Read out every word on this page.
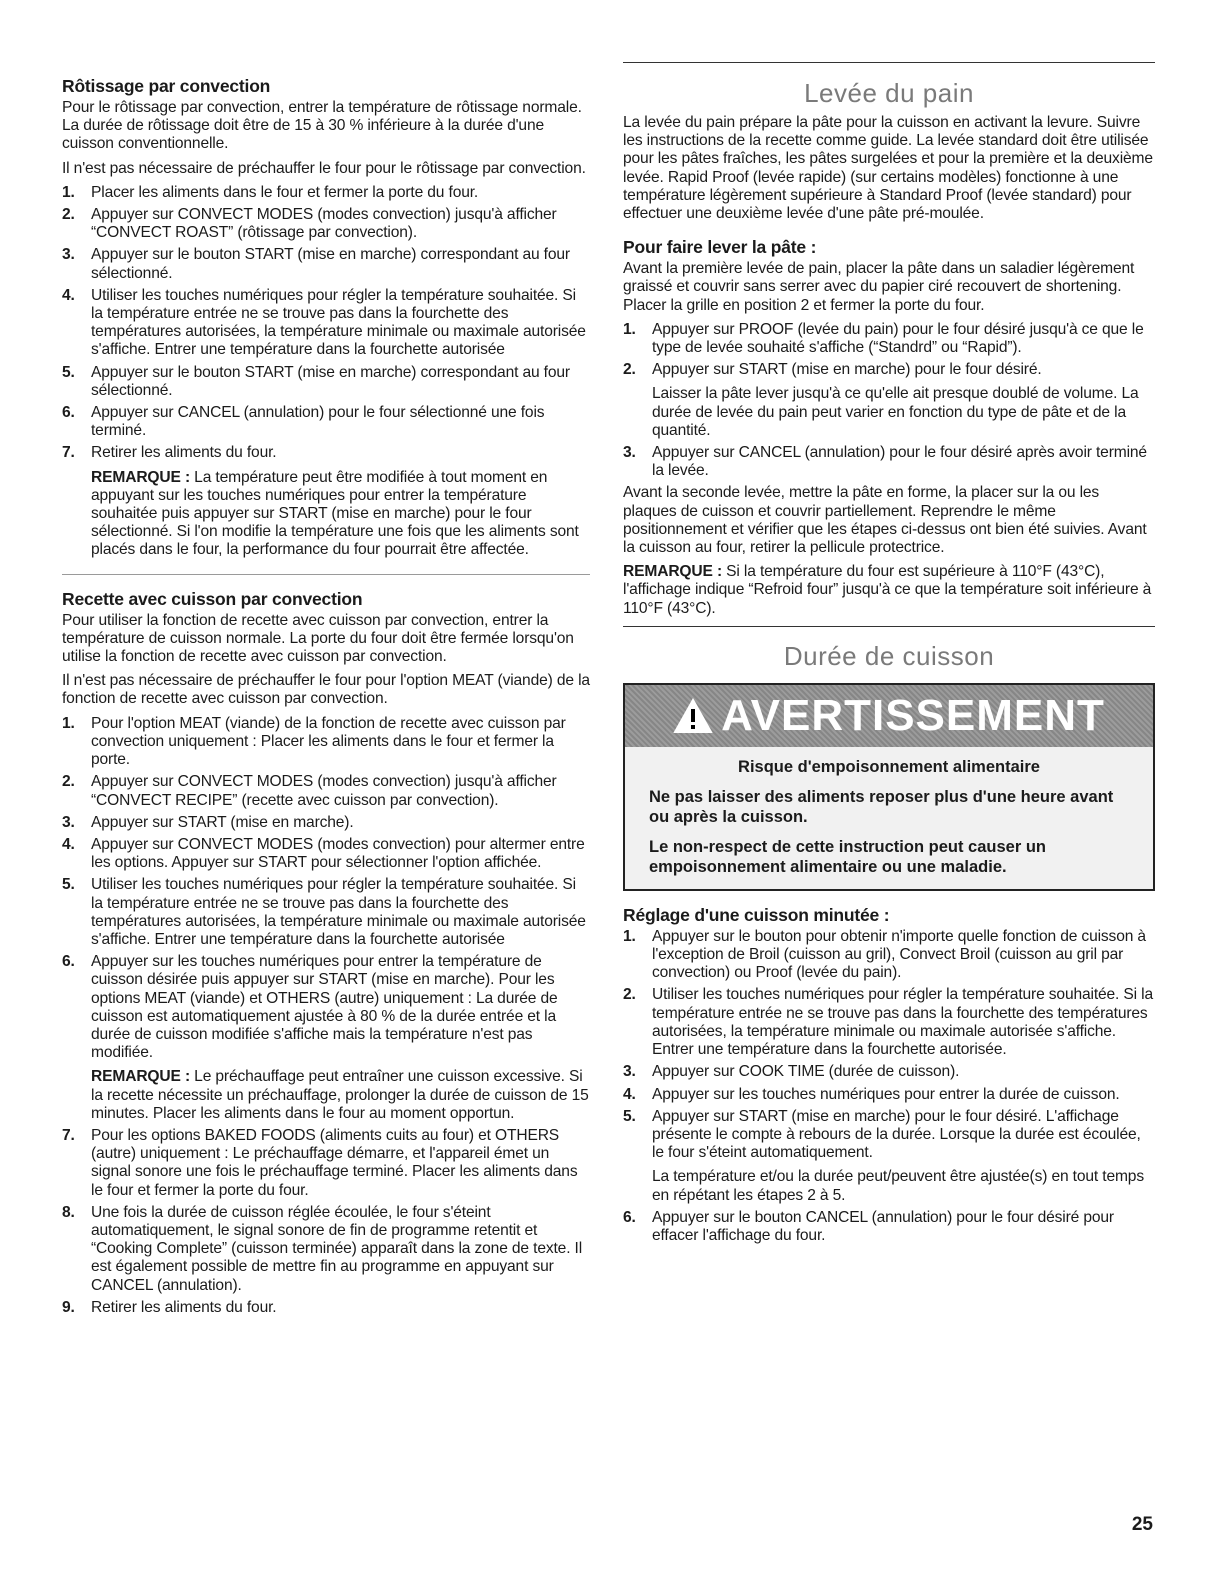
Rôtissage par convection

Pour le rôtissage par convection, entrer la température de rôtissage normale. La durée de rôtissage doit être de 15 à 30 % inférieure à la durée d'une cuisson conventionnelle.

Il n'est pas nécessaire de préchauffer le four pour le rôtissage par convection.

1. Placer les aliments dans le four et fermer la porte du four.
2. Appuyer sur CONVECT MODES (modes convection) jusqu'à afficher “CONVECT ROAST” (rôtissage par convection).
3. Appuyer sur le bouton START (mise en marche) correspondant au four sélectionné.
4. Utiliser les touches numériques pour régler la température souhaitée. Si la température entrée ne se trouve pas dans la fourchette des températures autorisées, la température minimale ou maximale autorisée s'affiche. Entrer une température dans la fourchette autorisée
5. Appuyer sur le bouton START (mise en marche) correspondant au four sélectionné.
6. Appuyer sur CANCEL (annulation) pour le four sélectionné une fois terminé.
7. Retirer les aliments du four.
REMARQUE : La température peut être modifiée à tout moment en appuyant sur les touches numériques pour entrer la température souhaitée puis appuyer sur START (mise en marche) pour le four sélectionné. Si l'on modifie la température une fois que les aliments sont placés dans le four, la performance du four pourrait être affectée.
Recette avec cuisson par convection

Pour utiliser la fonction de recette avec cuisson par convection, entrer la température de cuisson normale. La porte du four doit être fermée lorsqu'on utilise la fonction de recette avec cuisson par convection.

Il n'est pas nécessaire de préchauffer le four pour l'option MEAT (viande) de la fonction de recette avec cuisson par convection.

1. Pour l'option MEAT (viande) de la fonction de recette avec cuisson par convection uniquement : Placer les aliments dans le four et fermer la porte.
2. Appuyer sur CONVECT MODES (modes convection) jusqu'à afficher “CONVECT RECIPE” (recette avec cuisson par convection).
3. Appuyer sur START (mise en marche).
4. Appuyer sur CONVECT MODES (modes convection) pour altermer entre les options. Appuyer sur START pour sélectionner l'option affichée.
5. Utiliser les touches numériques pour régler la température souhaitée. Si la température entrée ne se trouve pas dans la fourchette des températures autorisées, la température minimale ou maximale autorisée s'affiche. Entrer une température dans la fourchette autorisée
6. Appuyer sur les touches numériques pour entrer la température de cuisson désirée puis appuyer sur START (mise en marche). Pour les options MEAT (viande) et OTHERS (autre) uniquement : La durée de cuisson est automatiquement ajustée à 80 % de la durée entrée et la durée de cuisson modifiée s'affiche mais la température n'est pas modifiée.
REMARQUE : Le préchauffage peut entraîner une cuisson excessive. Si la recette nécessite un préchauffage, prolonger la durée de cuisson de 15 minutes. Placer les aliments dans le four au moment opportun.
7. Pour les options BAKED FOODS (aliments cuits au four) et OTHERS (autre) uniquement : Le préchauffage démarre, et l'appareil émet un signal sonore une fois le préchauffage terminé. Placer les aliments dans le four et fermer la porte du four.
8. Une fois la durée de cuisson réglée écoulée, le four s'éteint automatiquement, le signal sonore de fin de programme retentit et “Cooking Complete” (cuisson terminée) apparaît dans la zone de texte. Il est également possible de mettre fin au programme en appuyant sur CANCEL (annulation).
9. Retirer les aliments du four.
Levée du pain

La levée du pain prépare la pâte pour la cuisson en activant la levure. Suivre les instructions de la recette comme guide. La levée standard doit être utilisée pour les pâtes fraîches, les pâtes surgelées et pour la première et la deuxième levée. Rapid Proof (levée rapide) (sur certains modèles) fonctionne à une température légèrement supérieure à Standard Proof (levée standard) pour effectuer une deuxième levée d'une pâte pré-moulée.

Pour faire lever la pâte :

Avant la première levée de pain, placer la pâte dans un saladier légèrement graissé et couvrir sans serrer avec du papier ciré recouvert de shortening. Placer la grille en position 2 et fermer la porte du four.

1. Appuyer sur PROOF (levée du pain) pour le four désiré jusqu'à ce que le type de levée souhaité s'affiche (“Standrd” ou “Rapid”).
2. Appuyer sur START (mise en marche) pour le four désiré.
Laisser la pâte lever jusqu'à ce qu'elle ait presque doublé de volume. La durée de levée du pain peut varier en fonction du type de pâte et de la quantité.
3. Appuyer sur CANCEL (annulation) pour le four désiré après avoir terminé la levée.

Avant la seconde levée, mettre la pâte en forme, la placer sur la ou les plaques de cuisson et couvrir partiellement. Reprendre le même positionnement et vérifier que les étapes ci-dessus ont bien été suivies. Avant la cuisson au four, retirer la pellicule protectrice.

REMARQUE : Si la température du four est supérieure à 110°F (43°C), l'affichage indique “Refroid four” jusqu'à ce que la température soit inférieure à 110°F (43°C).

Durée de cuisson
AVERTISSEMENT
Risque d'empoisonnement alimentaire
Ne pas laisser des aliments reposer plus d'une heure avant ou après la cuisson.
Le non-respect de cette instruction peut causer un empoisonnement alimentaire ou une maladie.
Réglage d'une cuisson minutée :
1. Appuyer sur le bouton pour obtenir n'importe quelle fonction de cuisson à l'exception de Broil (cuisson au gril), Convect Broil (cuisson au gril par convection) ou Proof (levée du pain).
2. Utiliser les touches numériques pour régler la température souhaitée. Si la température entrée ne se trouve pas dans la fourchette des températures autorisées, la température minimale ou maximale autorisée s'affiche. Entrer une température dans la fourchette autorisée.
3. Appuyer sur COOK TIME (durée de cuisson).
4. Appuyer sur les touches numériques pour entrer la durée de cuisson.
5. Appuyer sur START (mise en marche) pour le four désiré. L'affichage présente le compte à rebours de la durée. Lorsque la durée est écoulée, le four s'éteint automatiquement.
La température et/ou la durée peut/peuvent être ajustée(s) en tout temps en répétant les étapes 2 à 5.
6. Appuyer sur le bouton CANCEL (annulation) pour le four désiré pour effacer l'affichage du four.
25
